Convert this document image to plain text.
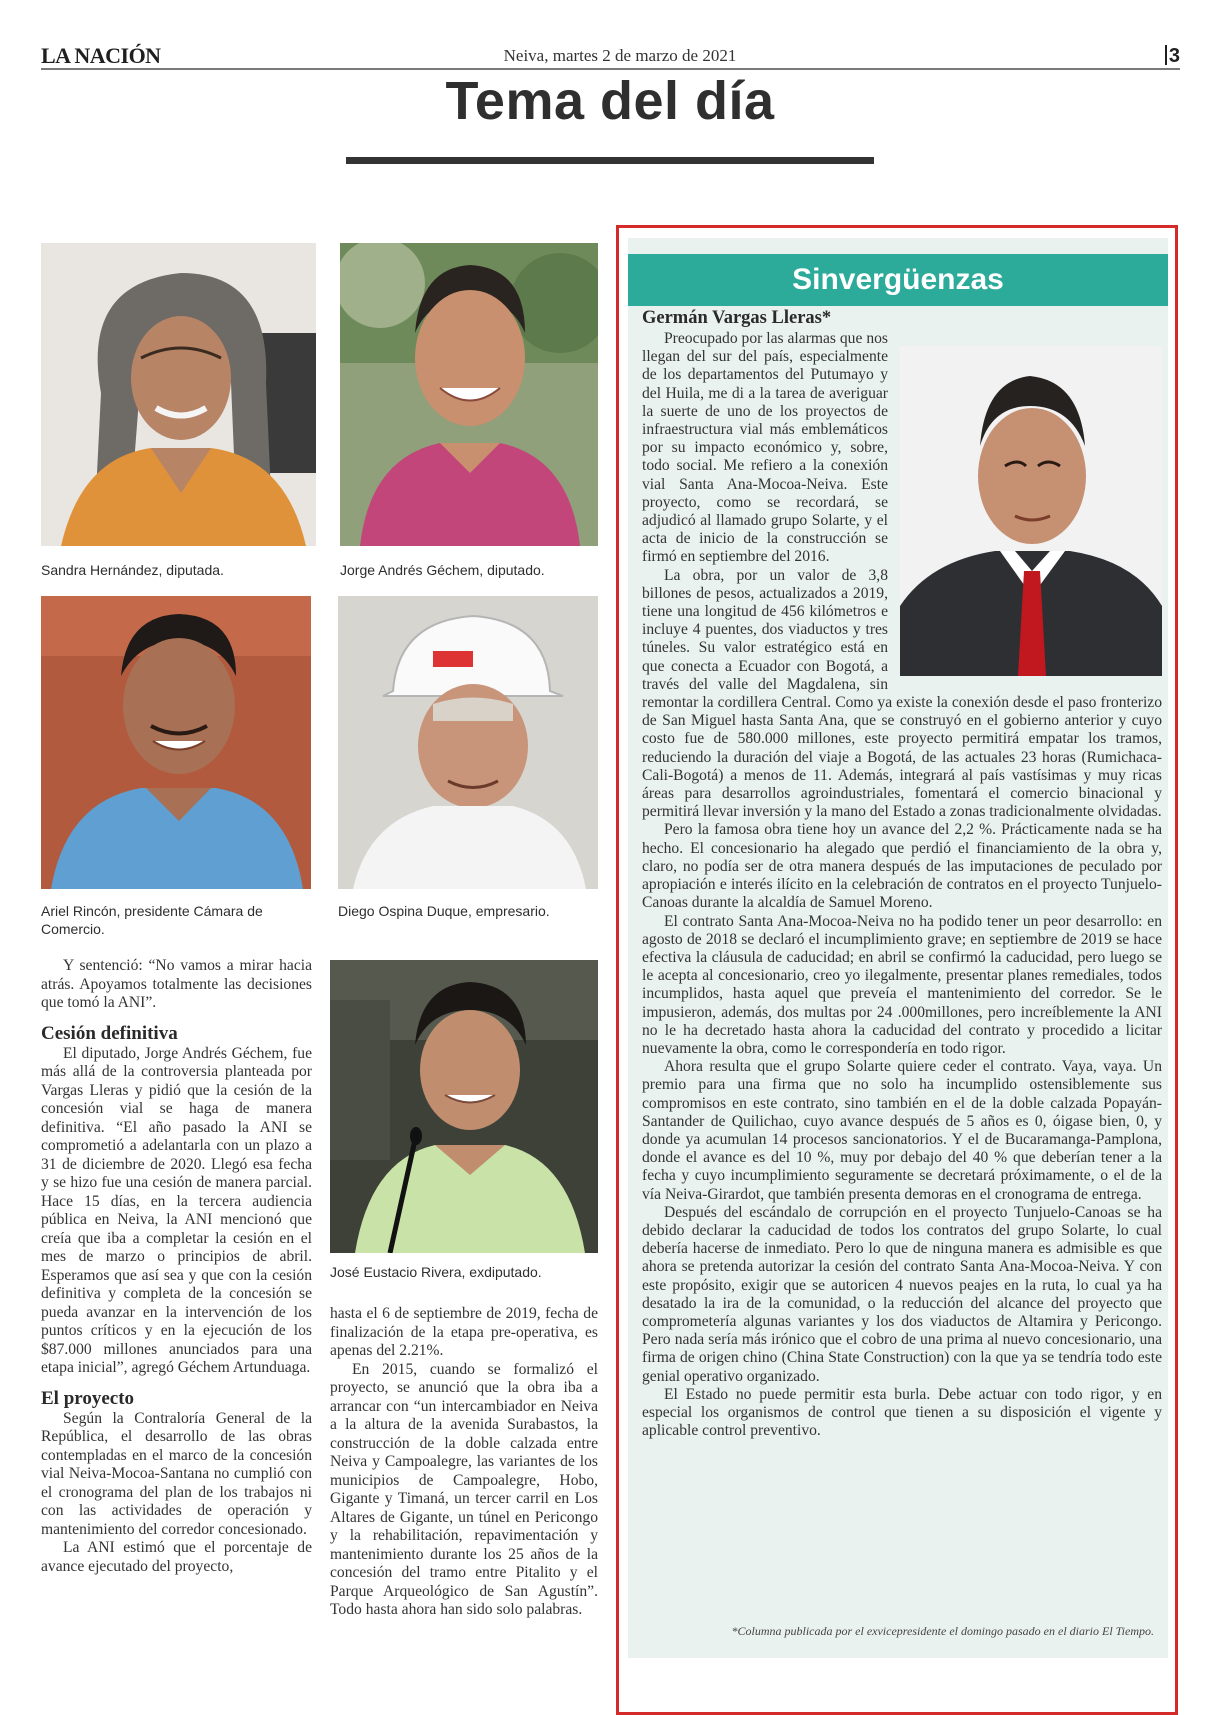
LA NACIÓN	Neiva, martes 2 de marzo de 2021	3
Tema del día
Sandra Hernández, diputada.	Jorge Andrés Géchem, diputado.
Ariel Rincón, presidente Cámara de Comercio.
Diego Ospina Duque, empresario.
José Eustacio Rivera, exdiputado.

Y sentenció: “No vamos a mirar hacia atrás. Apoyamos totalmente las decisiones que tomó la ANI”.

Cesión definitiva

El diputado, Jorge Andrés Géchem, fue más allá de la controversia planteada por Vargas Lleras y pidió que la cesión de la concesión vial se haga de manera definitiva. “El año pasado la ANI se comprometió a adelantarla con un plazo a 31 de diciembre de 2020. Llegó esa fecha y se hizo fue una cesión de manera parcial. Hace 15 días, en la tercera audiencia pública en Neiva, la ANI mencionó que creía que iba a completar la cesión en el mes de marzo o principios de abril. Esperamos que así sea y que con la cesión definitiva y completa de la concesión se pueda avanzar en la intervención de los puntos críticos y en la ejecución de los $87.000 millones anunciados para una etapa inicial”, agregó Géchem Artunduaga.

El proyecto

Según la Contraloría General de la República, el desarrollo de las obras contempladas en el marco de la concesión vial Neiva-Mocoa-Santana no cumplió con el cronograma del plan de los trabajos ni con las actividades de operación y mantenimiento del corredor concesionado.

La ANI estimó que el porcentaje de avance ejecutado del proyecto,

hasta el 6 de septiembre de 2019, fecha de finalización de la etapa pre-operativa, es apenas del 2.21%.

En 2015, cuando se formalizó el proyecto, se anunció que la obra iba a arrancar con “un intercambiador en Neiva a la altura de la avenida Surabastos, la construcción de la doble calzada entre Neiva y Campoalegre, las variantes de los municipios de Campoalegre, Hobo, Gigante y Timaná, un tercer carril en Los Altares de Gigante, un túnel en Pericongo y la rehabilitación, repavimentación y mantenimiento durante los 25 años de la concesión del tramo entre Pitalito y el Parque Arqueológico de San Agustín”. Todo hasta ahora han sido solo palabras.

Sinvergüenzas
Germán Vargas Lleras*

Preocupado por las alarmas que nos llegan del sur del país, especialmente de los departamentos del Putumayo y del Huila, me di a la tarea de averiguar la suerte de uno de los proyectos de infraestructura vial más emblemáticos por su impacto económico y, sobre, todo social. Me refiero a la conexión vial Santa Ana-Mocoa-Neiva. Este proyecto, como se recordará, se adjudicó al llamado grupo Solarte, y el acta de inicio de la construcción se firmó en septiembre del 2016.

La obra, por un valor de 3,8 billones de pesos, actualizados a 2019, tiene una longitud de 456 kilómetros e incluye 4 puentes, dos viaductos y tres túneles. Su valor estratégico está en que conecta a Ecuador con Bogotá, a través del valle del Magdalena, sin remontar la cordillera Central. Como ya existe la conexión desde el paso fronterizo de San Miguel hasta Santa Ana, que se construyó en el gobierno anterior y cuyo costo fue de 580.000 millones, este proyecto permitirá empatar los tramos, reduciendo la duración del viaje a Bogotá, de las actuales 23 horas (Rumichaca-Cali-Bogotá) a menos de 11. Además, integrará al país vastísimas y muy ricas áreas para desarrollos agroindustriales, fomentará el comercio binacional y permitirá llevar inversión y la mano del Estado a zonas tradicionalmente olvidadas.

Pero la famosa obra tiene hoy un avance del 2,2 %. Prácticamente nada se ha hecho. El concesionario ha alegado que perdió el financiamiento de la obra y, claro, no podía ser de otra manera después de las imputaciones de peculado por apropiación e interés ilícito en la celebración de contratos en el proyecto Tunjuelo-Canoas durante la alcaldía de Samuel Moreno.

El contrato Santa Ana-Mocoa-Neiva no ha podido tener un peor desarrollo: en agosto de 2018 se declaró el incumplimiento grave; en septiembre de 2019 se hace efectiva la cláusula de caducidad; en abril se confirmó la caducidad, pero luego se le acepta al concesionario, creo yo ilegalmente, presentar planes remediales, todos incumplidos, hasta aquel que preveía el mantenimiento del corredor. Se le impusieron, además, dos multas por 24 .000millones, pero increíblemente la ANI no le ha decretado hasta ahora la caducidad del contrato y procedido a licitar nuevamente la obra, como le correspondería en todo rigor.

Ahora resulta que el grupo Solarte quiere ceder el contrato. Vaya, vaya. Un premio para una firma que no solo ha incumplido ostensiblemente sus compromisos en este contrato, sino también en el de la doble calzada Popayán-Santander de Quilichao, cuyo avance después de 5 años es 0, óigase bien, 0, y donde ya acumulan 14 procesos sancionatorios. Y el de Bucaramanga-Pamplona, donde el avance es del 10 %, muy por debajo del 40 % que deberían tener a la fecha y cuyo incumplimiento seguramente se decretará próximamente, o el de la vía Neiva-Girardot, que también presenta demoras en el cronograma de entrega.

Después del escándalo de corrupción en el proyecto Tunjuelo-Canoas se ha debido declarar la caducidad de todos los contratos del grupo Solarte, lo cual debería hacerse de inmediato. Pero lo que de ninguna manera es admisible es que ahora se pretenda autorizar la cesión del contrato Santa Ana-Mocoa-Neiva. Y con este propósito, exigir que se autoricen 4 nuevos peajes en la ruta, lo cual ya ha desatado la ira de la comunidad, o la reducción del alcance del proyecto que comprometería algunas variantes y los dos viaductos de Altamira y Pericongo. Pero nada sería más irónico que el cobro de una prima al nuevo concesionario, una firma de origen chino (China State Construction) con la que ya se tendría todo este genial operativo organizado.

El Estado no puede permitir esta burla. Debe actuar con todo rigor, y en especial los organismos de control que tienen a su disposición el vigente y aplicable control preventivo.

*Columna publicada por el exvicepresidente el domingo pasado en el diario El Tiempo.
